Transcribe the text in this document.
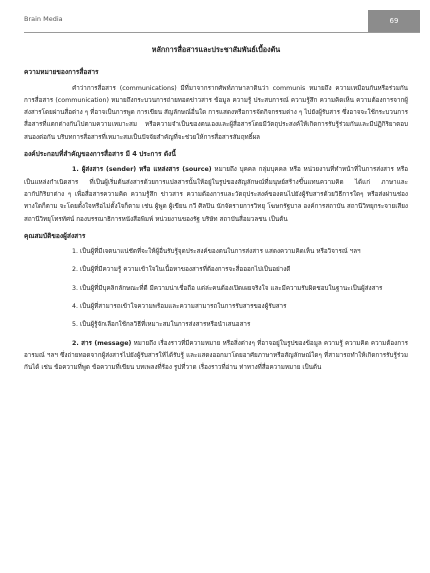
Brain Media	69
หลักการสื่อสารและประชาสัมพันธ์เบื้องต้น
ความหมายของการสื่อสาร

คำว่าการสื่อสาร (communications) มีที่มาจากรากศัพท์ภาษาลาตินว่า communis หมายถึง ความเหมือนกันหรือร่วมกัน การสื่อสาร (communication) หมายถึงกระบวนการถ่ายทอดข่าวสาร ข้อมูล ความรู้ ประสบการณ์ ความรู้สึก ความคิดเห็น ความต้องการจากผู้ส่งสารโดยผ่านสื่อต่าง ๆ ที่อาจเป็นการพูด การเขียน สัญลักษณ์อื่นใด การแสดงหรือการจัดกิจกรรมต่าง ๆ ไปยังผู้รับสาร ซึ่งอาจจะใช้กระบวนการสื่อสารที่แตกต่างกันไปตามความเหมาะสม หรือความจำเป็นของตนเองและผู้สื่อสารโดยมีวัตถุประสงค์ให้เกิดการรับรู้ร่วมกันและมีปฏิกิริยาตอบสนองต่อกัน บริบทการสื่อสารที่เหมาะสมเป็นปัจจัยสำคัญที่จะช่วยให้การสื่อสารสัมฤทธิ์ผล

องค์ประกอบที่สำคัญของการสื่อสาร มี 4 ประการ ดังนี้

1. ผู้ส่งสาร (sender) หรือ แหล่งสาร (source) หมายถึง บุคคล กลุ่มบุคคล หรือ หน่วยงานที่ทำหน้าที่ในการส่งสาร หรือเป็นแหล่งกำเนิดสาร ที่เป็นผู้เริ่มต้นส่งสารด้วยการแปลสารนั้นให้อยู่ในรูปของสัญลักษณ์ที่มนุษย์สร้างขึ้นแทนความคิด ได้แก่ ภาษาและอากัปกิริยาต่าง ๆ เพื่อสื่อสารความคิด ความรู้สึก ข่าวสาร ความต้องการและวัตถุประสงค์ของตนไปยังผู้รับสารด้วยวิธีการใดๆ หรือส่งผ่านช่องทางใดก็ตาม จะโดยตั้งใจหรือไม่ตั้งใจก็ตาม เช่น ผู้พูด ผู้เขียน กวี ศิลปิน นักจัดรายการวิทยุ โฆษกรัฐบาล องค์การสถาบัน สถานีวิทยุกระจายเสียง สถานีวิทยุโทรทัศน์ กองบรรณาธิการหนังสือพิมพ์ หน่วยงานของรัฐ บริษัท สถาบันสื่อมวลชน เป็นต้น

คุณสมบัติของผู้ส่งสาร

1. เป็นผู้ที่มีเจตนาแน่ชัดที่จะให้ผู้อื่นรับรู้จุดประสงค์ของตนในการส่งสาร แสดงความคิดเห็น หรือวิจารณ์ ฯลฯ

2. เป็นผู้ที่มีความรู้ ความเข้าใจในเนื้อหาของสารที่ต้องการจะสื่อออกไปเป็นอย่างดี

3. เป็นผู้ที่มีบุคลิกลักษณะที่ดี มีความน่าเชื่อถือ แต่ล่ะคนต้องเปิดเผยจริงใจ และมีความรับผิดชอบในฐานะเป็นผู้ส่งสาร

4. เป็นผู้ที่สามารถเข้าใจความพร้อมและความสามารถในการรับสารของผู้รับสาร

5. เป็นผู้รู้จักเลือกใช้กลวิธีที่เหมาะสมในการส่งสารหรือนำเสนอสาร

2. สาร (message) หมายถึง เรื่องราวที่มีความหมาย หรือสิ่งต่างๆ ที่อาจอยู่ในรูปของข้อมูล ความรู้ ความคิด ความต้องการ อารมณ์ ฯลฯ ซึ่งถ่ายทอดจากผู้ส่งสารไปยังผู้รับสารให้ได้รับรู้ และแสดงออกมาโดยอาศัยภาษาหรือสัญลักษณ์ใดๆ ที่สามารถทำให้เกิดการรับรู้ร่วมกันได้ เช่น ข้อความที่พูด ข้อความที่เขียน บทเพลงที่ร้อง รูปที่วาด เรื่องราวที่อ่าน ท่าทางที่สื่อความหมาย เป็นต้น
